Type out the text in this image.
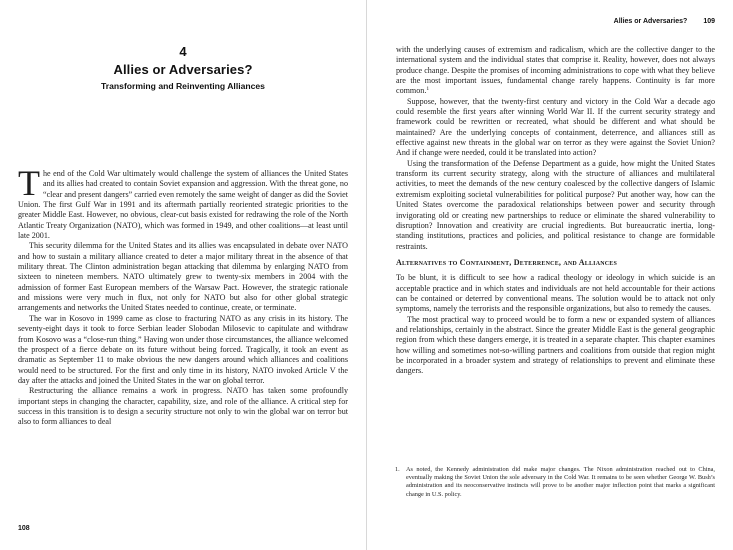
4
Allies or Adversaries?
Transforming and Reinventing Alliances

The end of the Cold War ultimately would challenge the system of alliances the United States and its allies had created to contain Soviet expansion and aggression. With the threat gone, no “clear and present dangers” carried even remotely the same weight of danger as did the Soviet Union. The first Gulf War in 1991 and its aftermath partially reoriented strategic priorities to the greater Middle East. However, no obvious, clear-cut basis existed for redrawing the role of the North Atlantic Treaty Organization (NATO), which was formed in 1949, and other coalitions—at least until late 2001.

This security dilemma for the United States and its allies was encapsulated in debate over NATO and how to sustain a military alliance created to deter a major military threat in the absence of that military threat. The Clinton administration began attacking that dilemma by enlarging NATO from sixteen to nineteen members. NATO ultimately grew to twenty-six members in 2004 with the admission of former East European members of the Warsaw Pact. However, the strategic rationale and missions were very much in flux, not only for NATO but also for other global strategic arrangements and networks the United States needed to continue, create, or terminate.

The war in Kosovo in 1999 came as close to fracturing NATO as any crisis in its history. The seventy-eight days it took to force Serbian leader Slobodan Milosevic to capitulate and withdraw from Kosovo was a “close-run thing.” Having won under those circumstances, the alliance welcomed the prospect of a fierce debate on its future without being forced. Tragically, it took an event as dramatic as September 11 to make obvious the new dangers around which alliances and coalitions would need to be structured. For the first and only time in its history, NATO invoked Article V the day after the attacks and joined the United States in the war on global terror.

Restructuring the alliance remains a work in progress. NATO has taken some profoundly important steps in changing the character, capability, size, and role of the alliance. A critical step for success in this transition is to design a security structure not only to win the global war on terror but also to form alliances to deal

108
Allies or Adversaries? 109

with the underlying causes of extremism and radicalism, which are the collective danger to the international system and the individual states that comprise it. Reality, however, does not always produce change. Despite the promises of incoming administrations to cope with what they believe are the most important issues, fundamental change rarely happens. Continuity is far more common.$^1$

Suppose, however, that the twenty-first century and victory in the Cold War a decade ago could resemble the first years after winning World War II. If the current security strategy and framework could be rewritten or recreated, what should be different and what should be maintained? Are the underlying concepts of containment, deterrence, and alliances still as effective against new threats in the global war on terror as they were against the Soviet Union? And if change were needed, could it be translated into action?

Using the transformation of the Defense Department as a guide, how might the United States transform its current security strategy, along with the structure of alliances and multilateral activities, to meet the demands of the new century coalesced by the collective dangers of Islamic extremism exploiting societal vulnerabilities for political purpose? Put another way, how can the United States overcome the paradoxical relationships between power and security through invigorating old or creating new partnerships to reduce or eliminate the shared vulnerability to disruption? Innovation and creativity are crucial ingredients. But bureaucratic inertia, long-standing institutions, practices and policies, and political resistance to change are formidable restraints.

Alternatives to Containment, Deterrence, and Alliances

To be blunt, it is difficult to see how a radical theology or ideology in which suicide is an acceptable practice and in which states and individuals are not held accountable for their actions can be contained or deterred by conventional means. The solution would be to attack not only symptoms, namely the terrorists and the responsible organizations, but also to remedy the causes.

The most practical way to proceed would be to form a new or expanded system of alliances and relationships, certainly in the abstract. Since the greater Middle East is the general geographic region from which these dangers emerge, it is treated in a separate chapter. This chapter examines how willing and sometimes not-so-willing partners and coalitions from outside that region might be incorporated in a broader system and strategy of relationships to prevent and eliminate these dangers.

1. As noted, the Kennedy administration did make major changes. The Nixon administration reached out to China, eventually making the Soviet Union the sole adversary in the Cold War. It remains to be seen whether George W. Bush’s administration and its neoconservative instincts will prove to be another major inflection point that marks a significant change in U.S. policy.
